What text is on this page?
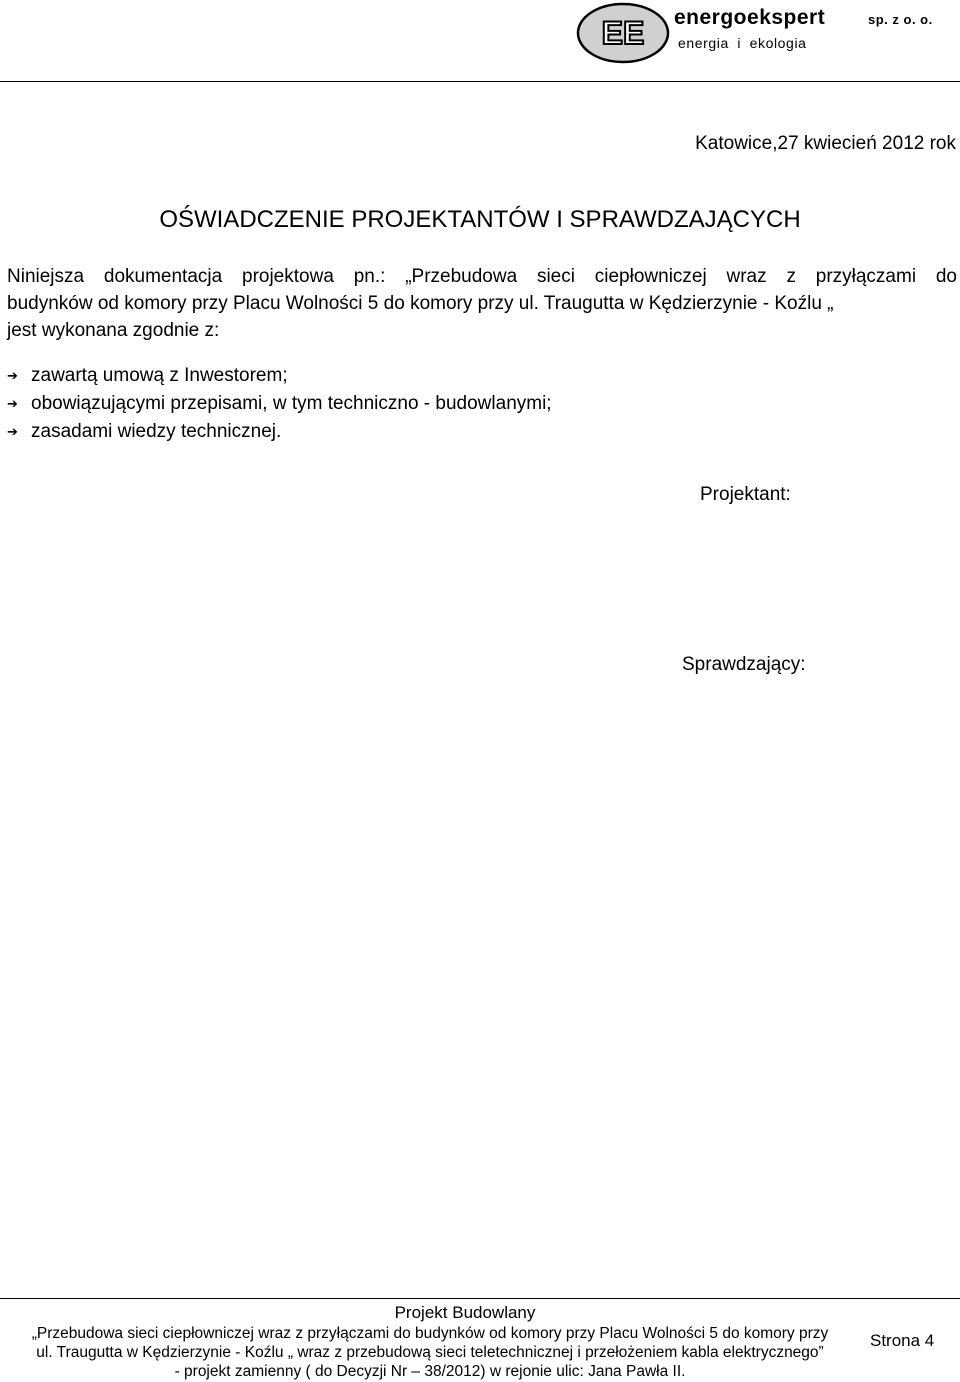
EE energoekspert	sp. z o. o.
energia i ekologia
Katowice,27 kwiecień 2012 rok
OŚWIADCZENIE PROJEKTANTÓW I SPRAWDZAJĄCYCH
Niniejsza dokumentacja projektowa pn.: „Przebudowa sieci ciepłowniczej wraz z przyłączami do
budynków od komory przy Placu Wolności 5 do komory przy ul. Traugutta w Kędzierzynie - Koźlu „
jest wykonana zgodnie z:
➔ zawartą umową z Inwestorem;
➔ obowiązującymi przepisami, w tym techniczno - budowlanymi;
➔ zasadami wiedzy technicznej.
Projektant:
Sprawdzający:
Projekt Budowlany
„Przebudowa sieci ciepłowniczej wraz z przyłączami do budynków od komory przy Placu Wolności 5 do komory przy
ul. Traugutta w Kędzierzynie - Koźlu „ wraz z przebudową sieci teletechnicznej i przełożeniem kabla elektrycznego”
- projekt zamienny ( do Decyzji Nr – 38/2012) w rejonie ulic: Jana Pawła II.
Strona 4
